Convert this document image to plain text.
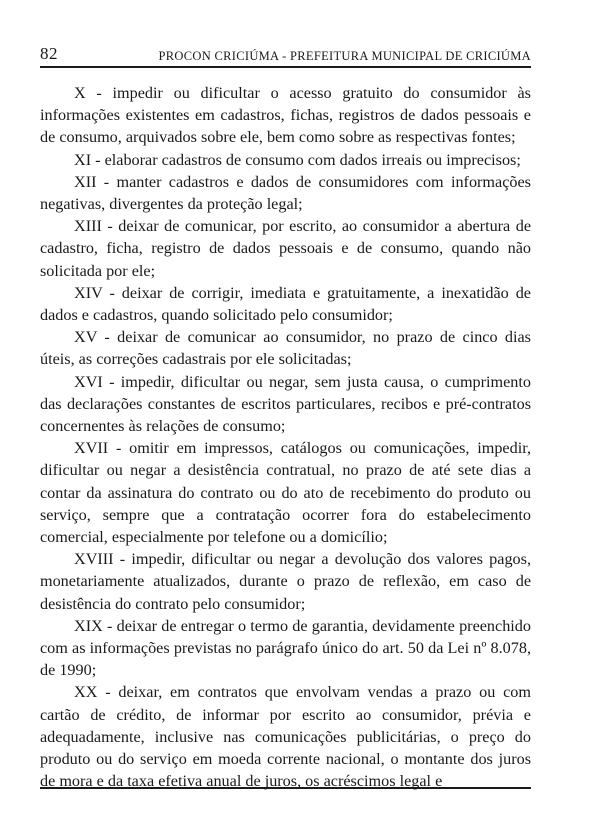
82	PROCON CRICIÚMA - PREFEITURA MUNICIPAL DE CRICIÚMA

X - impedir ou dificultar o acesso gratuito do consumidor às informações existentes em cadastros, fichas, registros de dados pessoais e de consumo, arquivados sobre ele, bem como sobre as respectivas fontes;

XI - elaborar cadastros de consumo com dados irreais ou imprecisos;

XII - manter cadastros e dados de consumidores com informações negativas, divergentes da proteção legal;

XIII - deixar de comunicar, por escrito, ao consumidor a abertura de cadastro, ficha, registro de dados pessoais e de consumo, quando não solicitada por ele;

XIV - deixar de corrigir, imediata e gratuitamente, a inexatidão de dados e cadastros, quando solicitado pelo consumidor;

XV - deixar de comunicar ao consumidor, no prazo de cinco dias úteis, as correções cadastrais por ele solicitadas;

XVI - impedir, dificultar ou negar, sem justa causa, o cumprimento das declarações constantes de escritos particulares, recibos e pré-contratos concernentes às relações de consumo;

XVII - omitir em impressos, catálogos ou comunicações, impedir, dificultar ou negar a desistência contratual, no prazo de até sete dias a contar da assinatura do contrato ou do ato de recebimento do produto ou serviço, sempre que a contratação ocorrer fora do estabelecimento comercial, especialmente por telefone ou a domicílio;

XVIII - impedir, dificultar ou negar a devolução dos valores pagos, monetariamente atualizados, durante o prazo de reflexão, em caso de desistência do contrato pelo consumidor;

XIX - deixar de entregar o termo de garantia, devidamente preenchido com as informações previstas no parágrafo único do art. 50 da Lei nº 8.078, de 1990;

XX - deixar, em contratos que envolvam vendas a prazo ou com cartão de crédito, de informar por escrito ao consumidor, prévia e adequadamente, inclusive nas comunicações publicitárias, o preço do produto ou do serviço em moeda corrente nacional, o montante dos juros de mora e da taxa efetiva anual de juros, os acréscimos legal e
